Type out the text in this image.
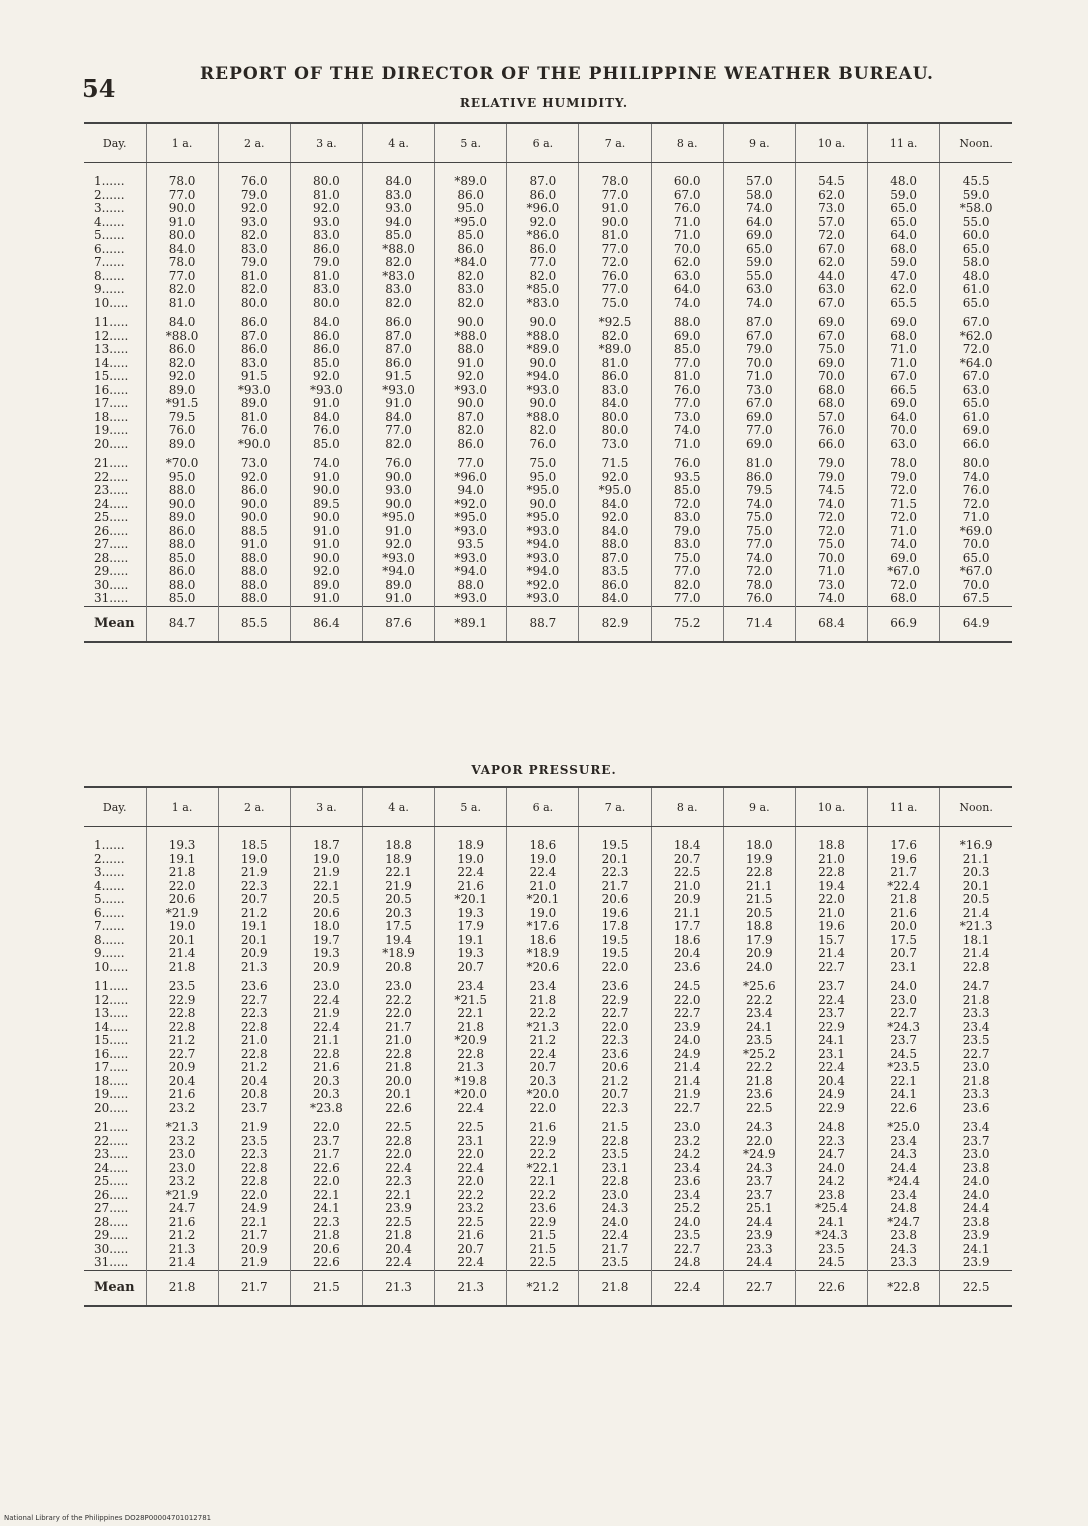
54	REPORT OF THE DIRECTOR OF THE PHILIPPINE WEATHER BUREAU.
RELATIVE HUMIDITY.
Day.	1 a.	2 a.	3 a.	4 a.	5 a.	6 a.	7 a.	8 a.	9 a.	10 a.	11 a.	Noon.
1......	78.0	76.0	80.0	84.0	*89.0	87.0	78.0	60.0	57.0	54.5	48.0	45.5
2......	77.0	79.0	81.0	83.0	86.0	86.0	77.0	67.0	58.0	62.0	59.0	59.0
3......	90.0	92.0	92.0	93.0	95.0	*96.0	91.0	76.0	74.0	73.0	65.0	*58.0
4......	91.0	93.0	93.0	94.0	*95.0	92.0	90.0	71.0	64.0	57.0	65.0	55.0
5......	80.0	82.0	83.0	85.0	85.0	*86.0	81.0	71.0	69.0	72.0	64.0	60.0
6......	84.0	83.0	86.0	*88.0	86.0	86.0	77.0	70.0	65.0	67.0	68.0	65.0
7......	78.0	79.0	79.0	82.0	*84.0	77.0	72.0	62.0	59.0	62.0	59.0	58.0
8......	77.0	81.0	81.0	*83.0	82.0	82.0	76.0	63.0	55.0	44.0	47.0	48.0
9......	82.0	82.0	83.0	83.0	83.0	*85.0	77.0	64.0	63.0	63.0	62.0	61.0
10.....	81.0	80.0	80.0	82.0	82.0	*83.0	75.0	74.0	74.0	67.0	65.5	65.0
11.....	84.0	86.0	84.0	86.0	90.0	90.0	*92.5	88.0	87.0	69.0	69.0	67.0
12.....	*88.0	87.0	86.0	87.0	*88.0	*88.0	82.0	69.0	67.0	67.0	68.0	*62.0
13.....	86.0	86.0	86.0	87.0	88.0	*89.0	*89.0	85.0	79.0	75.0	71.0	72.0
14.....	82.0	83.0	85.0	86.0	91.0	90.0	81.0	77.0	70.0	69.0	71.0	*64.0
15.....	92.0	91.5	92.0	91.5	92.0	*94.0	86.0	81.0	71.0	70.0	67.0	67.0
16.....	89.0	*93.0	*93.0	*93.0	*93.0	*93.0	83.0	76.0	73.0	68.0	66.5	63.0
17.....	*91.5	89.0	91.0	91.0	90.0	90.0	84.0	77.0	67.0	68.0	69.0	65.0
18.....	79.5	81.0	84.0	84.0	87.0	*88.0	80.0	73.0	69.0	57.0	64.0	61.0
19.....	76.0	76.0	76.0	77.0	82.0	82.0	80.0	74.0	77.0	76.0	70.0	69.0
20.....	89.0	*90.0	85.0	82.0	86.0	76.0	73.0	71.0	69.0	66.0	63.0	66.0
21.....	*70.0	73.0	74.0	76.0	77.0	75.0	71.5	76.0	81.0	79.0	78.0	80.0
22.....	95.0	92.0	91.0	90.0	*96.0	95.0	92.0	93.5	86.0	79.0	79.0	74.0
23.....	88.0	86.0	90.0	93.0	94.0	*95.0	*95.0	85.0	79.5	74.5	72.0	76.0
24.....	90.0	90.0	89.5	90.0	*92.0	90.0	84.0	72.0	74.0	74.0	71.5	72.0
25.....	89.0	90.0	90.0	*95.0	*95.0	*95.0	92.0	83.0	75.0	72.0	72.0	71.0
26.....	86.0	88.5	91.0	91.0	*93.0	*93.0	84.0	79.0	75.0	72.0	71.0	*69.0
27.....	88.0	91.0	91.0	92.0	93.5	*94.0	88.0	83.0	77.0	75.0	74.0	70.0
28.....	85.0	88.0	90.0	*93.0	*93.0	*93.0	87.0	75.0	74.0	70.0	69.0	65.0
29.....	86.0	88.0	92.0	*94.0	*94.0	*94.0	83.5	77.0	72.0	71.0	*67.0	*67.0
30.....	88.0	88.0	89.0	89.0	88.0	*92.0	86.0	82.0	78.0	73.0	72.0	70.0
31.....	85.0	88.0	91.0	91.0	*93.0	*93.0	84.0	77.0	76.0	74.0	68.0	67.5
Mean	84.7	85.5	86.4	87.6	*89.1	88.7	82.9	75.2	71.4	68.4	66.9	64.9
VAPOR PRESSURE.
Day.	1 a.	2 a.	3 a.	4 a.	5 a.	6 a.	7 a.	8 a.	9 a.	10 a.	11 a.	Noon.
1......	19.3	18.5	18.7	18.8	18.9	18.6	19.5	18.4	18.0	18.8	17.6	*16.9
2......	19.1	19.0	19.0	18.9	19.0	19.0	20.1	20.7	19.9	21.0	19.6	21.1
3......	21.8	21.9	21.9	22.1	22.4	22.4	22.3	22.5	22.8	22.8	21.7	20.3
4......	22.0	22.3	22.1	21.9	21.6	21.0	21.7	21.0	21.1	19.4	*22.4	20.1
5......	20.6	20.7	20.5	20.5	*20.1	*20.1	20.6	20.9	21.5	22.0	21.8	20.5
6......	*21.9	21.2	20.6	20.3	19.3	19.0	19.6	21.1	20.5	21.0	21.6	21.4
7......	19.0	19.1	18.0	17.5	17.9	*17.6	17.8	17.7	18.8	19.6	20.0	*21.3
8......	20.1	20.1	19.7	19.4	19.1	18.6	19.5	18.6	17.9	15.7	17.5	18.1
9......	21.4	20.9	19.3	*18.9	19.3	*18.9	19.5	20.4	20.9	21.4	20.7	21.4
10.....	21.8	21.3	20.9	20.8	20.7	*20.6	22.0	23.6	24.0	22.7	23.1	22.8
11.....	23.5	23.6	23.0	23.0	23.4	23.4	23.6	24.5	*25.6	23.7	24.0	24.7
12.....	22.9	22.7	22.4	22.2	*21.5	21.8	22.9	22.0	22.2	22.4	23.0	21.8
13.....	22.8	22.3	21.9	22.0	22.1	22.2	22.7	22.7	23.4	23.7	22.7	23.3
14.....	22.8	22.8	22.4	21.7	21.8	*21.3	22.0	23.9	24.1	22.9	*24.3	23.4
15.....	21.2	21.0	21.1	21.0	*20.9	21.2	22.3	24.0	23.5	24.1	23.7	23.5
16.....	22.7	22.8	22.8	22.8	22.8	22.4	23.6	24.9	*25.2	23.1	24.5	22.7
17.....	20.9	21.2	21.6	21.8	21.3	20.7	20.6	21.4	22.2	22.4	*23.5	23.0
18.....	20.4	20.4	20.3	20.0	*19.8	20.3	21.2	21.4	21.8	20.4	22.1	21.8
19.....	21.6	20.8	20.3	20.1	*20.0	*20.0	20.7	21.9	23.6	24.9	24.1	23.3
20.....	23.2	23.7	*23.8	22.6	22.4	22.0	22.3	22.7	22.5	22.9	22.6	23.6
21.....	*21.3	21.9	22.0	22.5	22.5	21.6	21.5	23.0	24.3	24.8	*25.0	23.4
22.....	23.2	23.5	23.7	22.8	23.1	22.9	22.8	23.2	22.0	22.3	23.4	23.7
23.....	23.0	22.3	21.7	22.0	22.0	22.2	23.5	24.2	*24.9	24.7	24.3	23.0
24.....	23.0	22.8	22.6	22.4	22.4	*22.1	23.1	23.4	24.3	24.0	24.4	23.8
25.....	23.2	22.8	22.0	22.3	22.0	22.1	22.8	23.6	23.7	24.2	*24.4	24.0
26.....	*21.9	22.0	22.1	22.1	22.2	22.2	23.0	23.4	23.7	23.8	23.4	24.0
27.....	24.7	24.9	24.1	23.9	23.2	23.6	24.3	25.2	25.1	*25.4	24.8	24.4
28.....	21.6	22.1	22.3	22.5	22.5	22.9	24.0	24.0	24.4	24.1	*24.7	23.8
29.....	21.2	21.7	21.8	21.8	21.6	21.5	22.4	23.5	23.9	*24.3	23.8	23.9
30.....	21.3	20.9	20.6	20.4	20.7	21.5	21.7	22.7	23.3	23.5	24.3	24.1
31.....	21.4	21.9	22.6	22.4	22.4	22.5	23.5	24.8	24.4	24.5	23.3	23.9
Mean	21.8	21.7	21.5	21.3	21.3	*21.2	21.8	22.4	22.7	22.6	*22.8	22.5
National Library of the Philippines DO28P00004701012781
